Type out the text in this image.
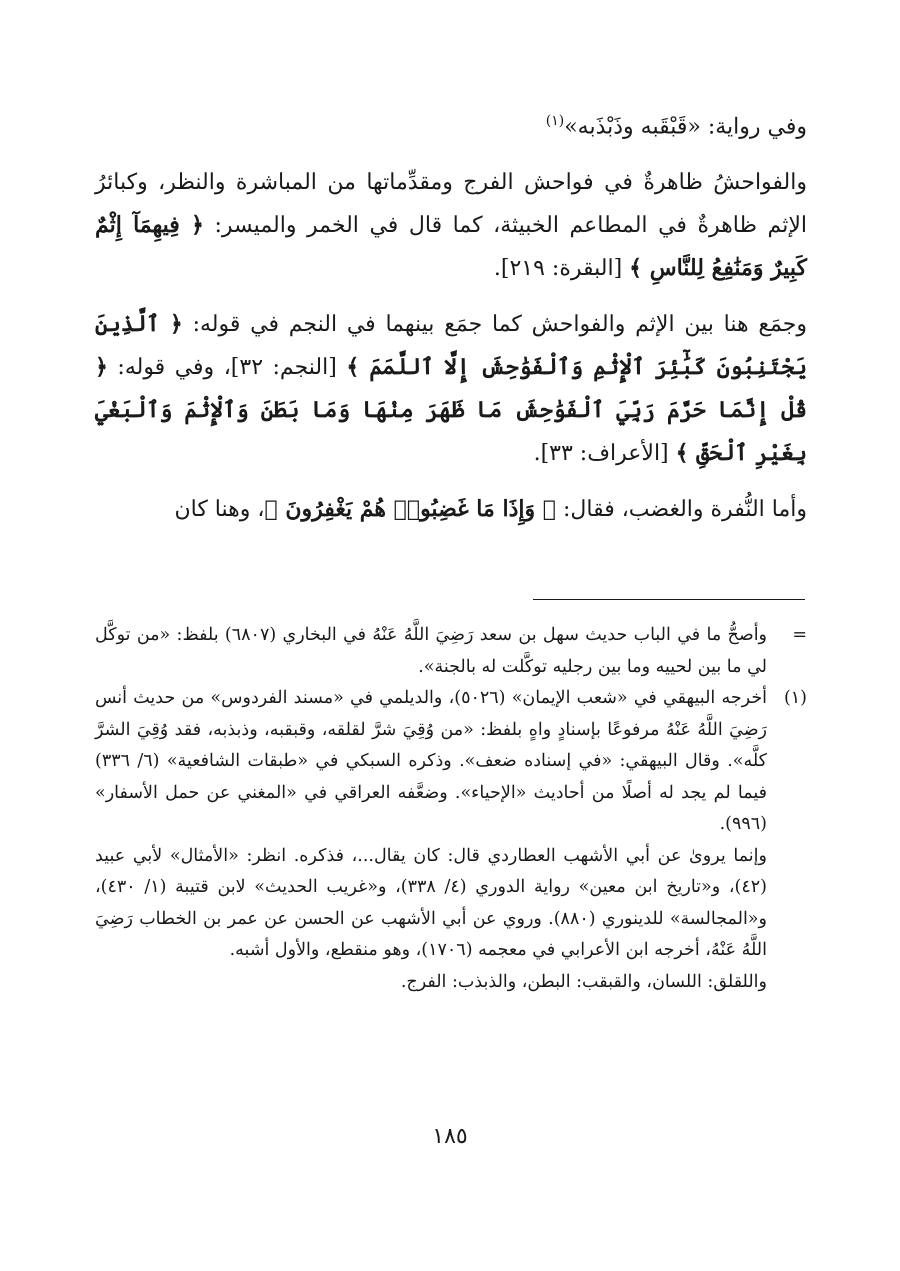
وفي رواية: «قَبْقَبه وذَبْذَبه»$^{(١)}$

والفواحشُ ظاهرةٌ في فواحش الفرج ومقدِّماتها من المباشرة والنظر، وكبائرُ الإثم ظاهرةٌ في المطاعم الخبيثة، كما قال في الخمر والميسر: ﴿ فِيهِمَآ إِثْمٌ كَبِيرٌ وَمَنَٰفِعُ لِلنَّاسِ ﴾ [البقرة: ٢١٩].

وجمَع هنا بين الإثم والفواحش كما جمَع بينهما في النجم في قوله: ﴿ ٱلَّذِينَ يَجْتَنِبُونَ كَبَٰٓئِرَ ٱلْإِثْمِ وَٱلْفَوَٰحِشَ إِلَّا ٱللَّمَمَ ﴾ [النجم: ٣٢]، وفي قوله: ﴿ قُلْ إِنَّمَا حَرَّمَ رَبِّيَ ٱلْفَوَٰحِشَ مَا ظَهَرَ مِنْهَا وَمَا بَطَنَ وَٱلْإِثْمَ وَٱلْبَغْيَ بِغَيْرِ ٱلْحَقِّ ﴾ [الأعراف: ٣٣].

وأما النُّفرة والغضب، فقال: ﴿ وَإِذَا مَا غَضِبُوا۟ هُمْ يَغْفِرُونَ ﴾، وهنا كان

=

وأصحُّ ما في الباب حديث سهل بن سعد رَضِيَ اللَّهُ عَنْهُ في البخاري (٦٨٠٧) بلفظ: «من توكَّل لي ما بين لحييه وما بين رجليه توكَّلت له بالجنة».

(١)

أخرجه البيهقي في «شعب الإيمان» (٥٠٢٦)، والديلمي في «مسند الفردوس» من حديث أنس رَضِيَ اللَّهُ عَنْهُ مرفوعًا بإسنادٍ واهٍ بلفظ: «من وُقِيَ شرَّ لقلقه، وقبقبه، وذبذبه، فقد وُقِيَ الشرَّ كلَّه». وقال البيهقي: «في إسناده ضعف». وذكره السبكي في «طبقات الشافعية» (٦/ ٣٣٦) فيما لم يجد له أصلًا من أحاديث «الإحياء». وضعَّفه العراقي في «المغني عن حمل الأسفار» (٩٩٦).

وإنما يروىٰ عن أبي الأشهب العطاردي قال: كان يقال...، فذكره. انظر: «الأمثال» لأبي عبيد (٤٢)، و«تاريخ ابن معين» رواية الدوري (٤/ ٣٣٨)، و«غريب الحديث» لابن قتيبة (١/ ٤٣٠)، و«المجالسة» للدينوري (٨٨٠). وروي عن أبي الأشهب عن الحسن عن عمر بن الخطاب رَضِيَ اللَّهُ عَنْهُ، أخرجه ابن الأعرابي في معجمه (١٧٠٦)، وهو منقطع، والأول أشبه.

واللقلق: اللسان، والقبقب: البطن، والذبذب: الفرج.

١٨٥
